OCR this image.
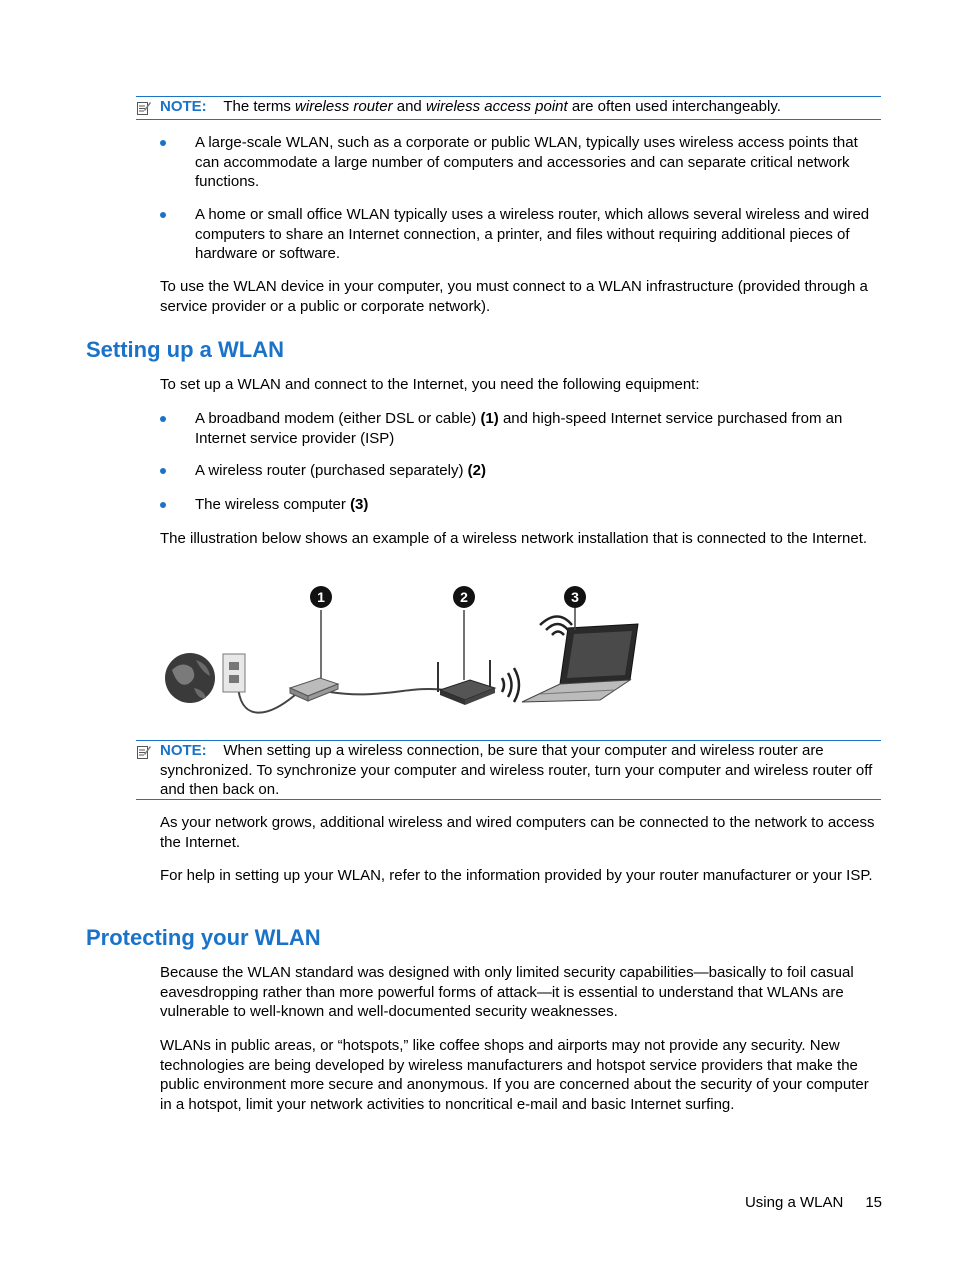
NOTE: The terms wireless router and wireless access point are often used interchangeably.
A large-scale WLAN, such as a corporate or public WLAN, typically uses wireless access points that can accommodate a large number of computers and accessories and can separate critical network functions.
A home or small office WLAN typically uses a wireless router, which allows several wireless and wired computers to share an Internet connection, a printer, and files without requiring additional pieces of hardware or software.
To use the WLAN device in your computer, you must connect to a WLAN infrastructure (provided through a service provider or a public or corporate network).
Setting up a WLAN
To set up a WLAN and connect to the Internet, you need the following equipment:
A broadband modem (either DSL or cable) (1) and high-speed Internet service purchased from an Internet service provider (ISP)
A wireless router (purchased separately) (2)
The wireless computer (3)
The illustration below shows an example of a wireless network installation that is connected to the Internet.
1	2	3
NOTE: When setting up a wireless connection, be sure that your computer and wireless router are synchronized. To synchronize your computer and wireless router, turn your computer and wireless router off and then back on.
As your network grows, additional wireless and wired computers can be connected to the network to access the Internet.
For help in setting up your WLAN, refer to the information provided by your router manufacturer or your ISP.
Protecting your WLAN
Because the WLAN standard was designed with only limited security capabilities—basically to foil casual eavesdropping rather than more powerful forms of attack—it is essential to understand that WLANs are vulnerable to well-known and well-documented security weaknesses.
WLANs in public areas, or “hotspots,” like coffee shops and airports may not provide any security. New technologies are being developed by wireless manufacturers and hotspot service providers that make the public environment more secure and anonymous. If you are concerned about the security of your computer in a hotspot, limit your network activities to noncritical e-mail and basic Internet surfing.
Using a WLAN 15
